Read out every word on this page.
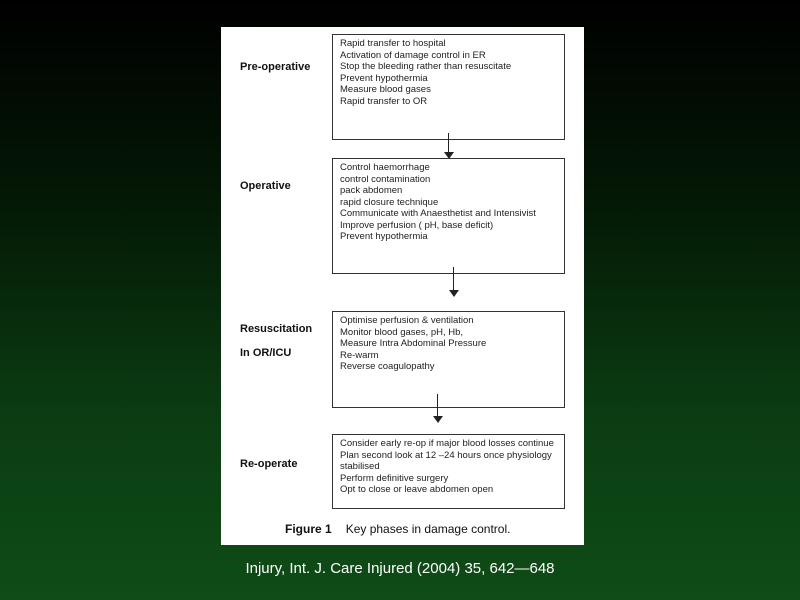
Pre-operative
Rapid transfer to hospital
Activation of damage control in ER
Stop the bleeding rather than resuscitate
Prevent hypothermia
Measure blood gases
Rapid transfer to OR
Operative
Control haemorrhage
control contamination
pack abdomen
rapid closure technique
Communicate with Anaesthetist and Intensivist
Improve perfusion ( pH, base deficit)
Prevent hypothermia
Resuscitation
In OR/ICU
Optimise perfusion & ventilation
Monitor blood gases, pH, Hb,
Measure Intra Abdominal Pressure
Re-warm
Reverse coagulopathy
Re-operate
Consider early re-op if major blood losses continue
Plan second look at 12 –24 hours once physiology
stabilised
Perform definitive surgery
Opt to close or leave abdomen open
Figure 1 Key phases in damage control.
Injury, Int. J. Care Injured (2004) 35, 642—648
